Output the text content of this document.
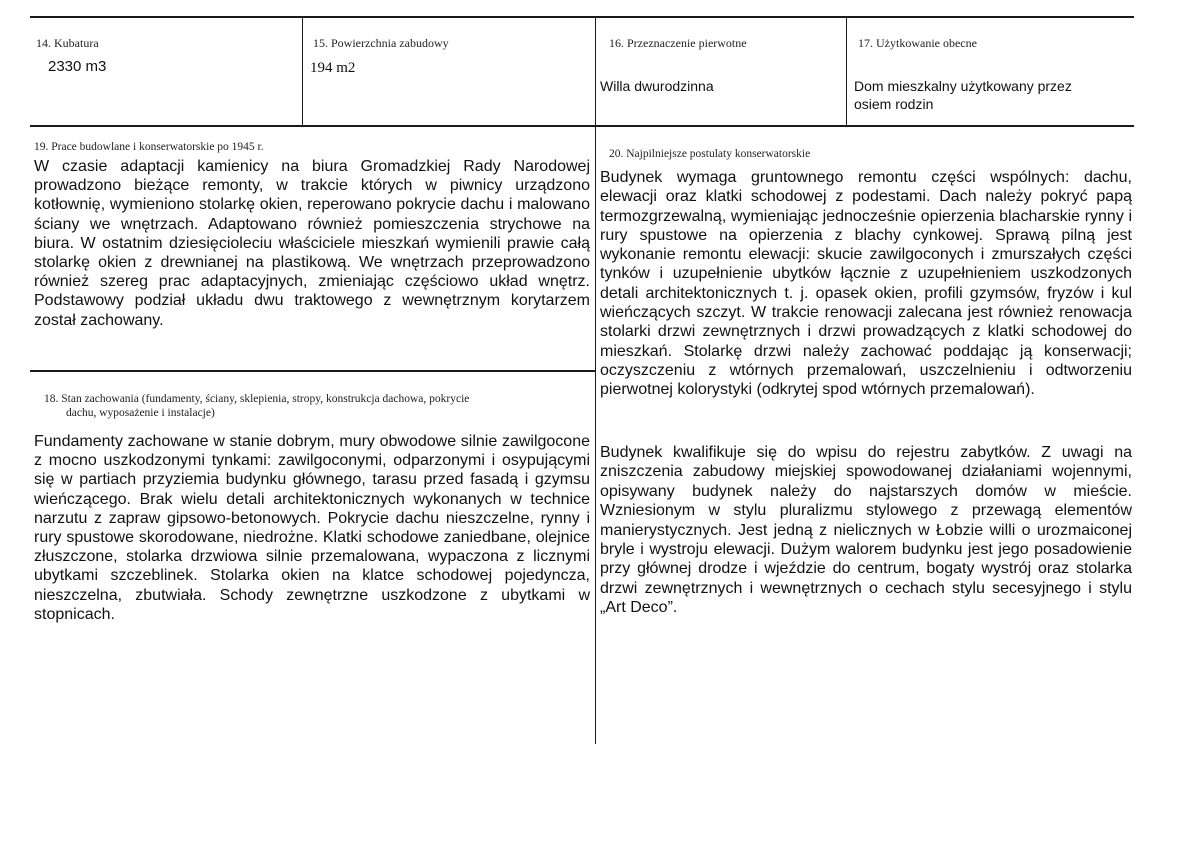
14. Kubatura
2330 m3
15. Powierzchnia zabudowy
194 m2
16. Przeznaczenie pierwotne
Willa dwurodzinna
17. Użytkowanie obecne
Dom mieszkalny użytkowany przez
osiem rodzin
19. Prace budowlane i konserwatorskie po 1945 r.

W czasie adaptacji kamienicy na biura Gromadzkiej Rady Narodowej prowadzono bieżące remonty, w trakcie których w piwnicy urządzono kotłownię, wymieniono stolarkę okien, reperowano pokrycie dachu i malowano ściany we wnętrzach. Adaptowano również pomieszczenia strychowe na biura. W ostatnim dziesięcioleciu właściciele mieszkań wymienili prawie całą stolarkę okien z drewnianej na plastikową. We wnętrzach przeprowadzono również szereg prac adaptacyjnych, zmieniając częściowo układ wnętrz. Podstawowy podział układu dwu traktowego z wewnętrznym korytarzem został zachowany.

18. Stan zachowania (fundamenty, ściany, sklepienia, stropy, konstrukcja dachowa, pokrycie
dachu, wyposażenie i instalacje)

Fundamenty zachowane w stanie dobrym, mury obwodowe silnie zawilgocone z mocno uszkodzonymi tynkami: zawilgoconymi, odparzonymi i osypującymi się w partiach przyziemia budynku głównego, tarasu przed fasadą i gzymsu wieńczącego. Brak wielu detali architektonicznych wykonanych w technice narzutu z zapraw gipsowo-betonowych. Pokrycie dachu nieszczelne, rynny i rury spustowe skorodowane, niedrożne. Klatki schodowe zaniedbane, olejnice złuszczone, stolarka drzwiowa silnie przemalowana, wypaczona z licznymi ubytkami szczeblinek. Stolarka okien na klatce schodowej pojedyncza, nieszczelna, zbutwiała. Schody zewnętrzne uszkodzone z ubytkami w stopnicach.

20. Najpilniejsze postulaty konserwatorskie

Budynek wymaga gruntownego remontu części wspólnych: dachu, elewacji oraz klatki schodowej z podestami. Dach należy pokryć papą termozgrzewalną, wymieniając jednocześnie opierzenia blacharskie rynny i rury spustowe na opierzenia z blachy cynkowej. Sprawą pilną jest wykonanie remontu elewacji: skucie zawilgoconych i zmurszałych części tynków i uzupełnienie ubytków łącznie z uzupełnieniem uszkodzonych detali architektonicznych t. j. opasek okien, profili gzymsów, fryzów i kul wieńczących szczyt. W trakcie renowacji zalecana jest również renowacja stolarki drzwi zewnętrznych i drzwi prowadzących z klatki schodowej do mieszkań. Stolarkę drzwi należy zachować poddając ją konserwacji; oczyszczeniu z wtórnych przemalowań, uszczelnieniu i odtworzeniu pierwotnej kolorystyki (odkrytej spod wtórnych przemalowań).

Budynek kwalifikuje się do wpisu do rejestru zabytków. Z uwagi na zniszczenia zabudowy miejskiej spowodowanej działaniami wojennymi, opisywany budynek należy do najstarszych domów w mieście. Wzniesionym w stylu pluralizmu stylowego z przewagą elementów manierystycznych. Jest jedną z nielicznych w Łobzie willi o urozmaiconej bryle i wystroju elewacji. Dużym walorem budynku jest jego posadowienie przy głównej drodze i wjeździe do centrum, bogaty wystrój oraz stolarka drzwi zewnętrznych i wewnętrznych o cechach stylu secesyjnego i stylu „Art Deco”.
